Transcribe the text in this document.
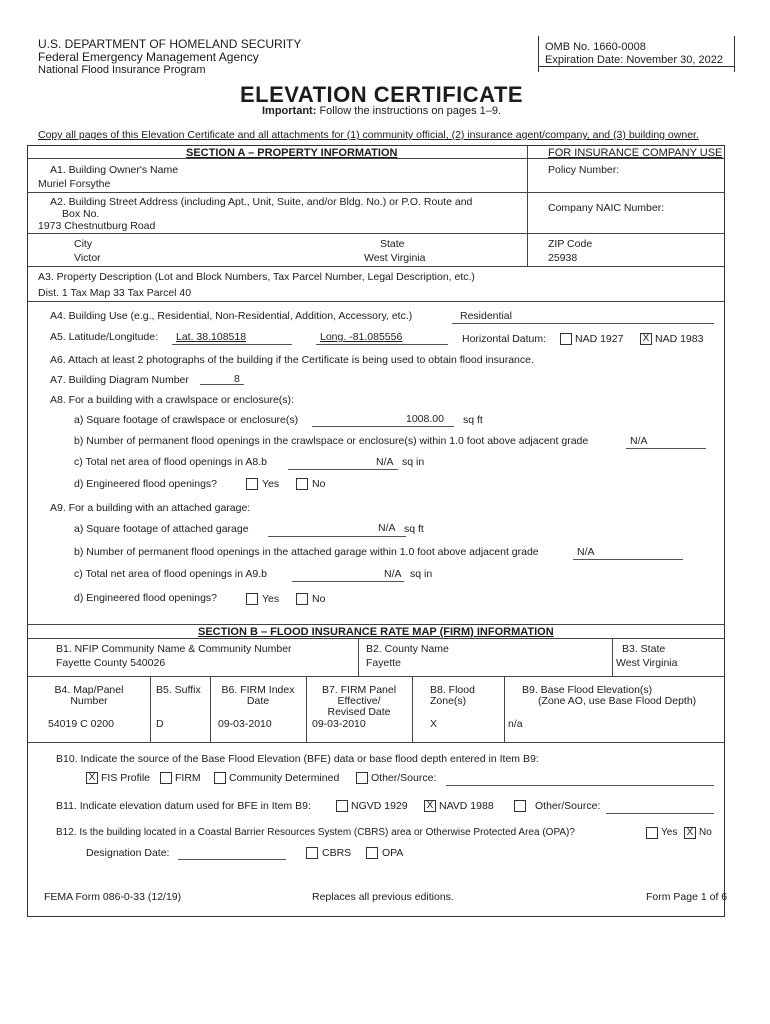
U.S. DEPARTMENT OF HOMELAND SECURITY
Federal Emergency Management Agency
National Flood Insurance Program
OMB No. 1660-0008
Expiration Date: November 30, 2022
ELEVATION CERTIFICATE
Important: Follow the instructions on pages 1–9.
Copy all pages of this Elevation Certificate and all attachments for (1) community official, (2) insurance agent/company, and (3) building owner.
SECTION A – PROPERTY INFORMATION	FOR INSURANCE COMPANY USE
A1. Building Owner's Name
Muriel Forsythe
Policy Number:
A2. Building Street Address (including Apt., Unit, Suite, and/or Bldg. No.) or P.O. Route and
Box No.
1973 Chestnutburg Road
Company NAIC Number:
City
Victor
State
West Virginia
ZIP Code
25938
A3. Property Description (Lot and Block Numbers, Tax Parcel Number, Legal Description, etc.)
Dist. 1 Tax Map 33 Tax Parcel 40
A4. Building Use (e.g., Residential, Non-Residential, Addition, Accessory, etc.)	Residential
A5. Latitude/Longitude: Lat. 38.108518	Long. -81.085556	Horizontal Datum:	NAD 1927 X NAD 1983
A6. Attach at least 2 photographs of the building if the Certificate is being used to obtain flood insurance.
A7. Building Diagram Number	8
A8. For a building with a crawlspace or enclosure(s):
a) Square footage of crawlspace or enclosure(s)	1008.00 sq ft
b) Number of permanent flood openings in the crawlspace or enclosure(s) within 1.0 foot above adjacent grade	N/A
c) Total net area of flood openings in A8.b	N/A sq in
d) Engineered flood openings?	Yes	No
A9. For a building with an attached garage:
a) Square footage of attached garage	N/A sq ft
b) Number of permanent flood openings in the attached garage within 1.0 foot above adjacent grade	N/A
c) Total net area of flood openings in A9.b	N/A sq in
d) Engineered flood openings?	Yes	No
SECTION B – FLOOD INSURANCE RATE MAP (FIRM) INFORMATION
B1. NFIP Community Name & Community Number
Fayette County 540026
B2. County Name
Fayette
B3. State
West Virginia
B4. Map/Panel
Number
54019 C 0200
B5. Suffix
D
B6. FIRM Index
Date
09-03-2010
B7. FIRM Panel
Effective/
Revised Date
09-03-2010
B8. Flood
Zone(s)
X
B9. Base Flood Elevation(s)
(Zone AO, use Base Flood Depth)
n/a
B10. Indicate the source of the Base Flood Elevation (BFE) data or base flood depth entered in Item B9:
X FIS Profile FIRM	Community Determined	Other/Source:
B11. Indicate elevation datum used for BFE in Item B9:	NGVD 1929 X NAVD 1988	Other/Source:
B12. Is the building located in a Coastal Barrier Resources System (CBRS) area or Otherwise Protected Area (OPA)?	Yes X No
Designation Date:	CBRS	OPA
FEMA Form 086-0-33 (12/19)	Replaces all previous editions.	Form Page 1 of 6
